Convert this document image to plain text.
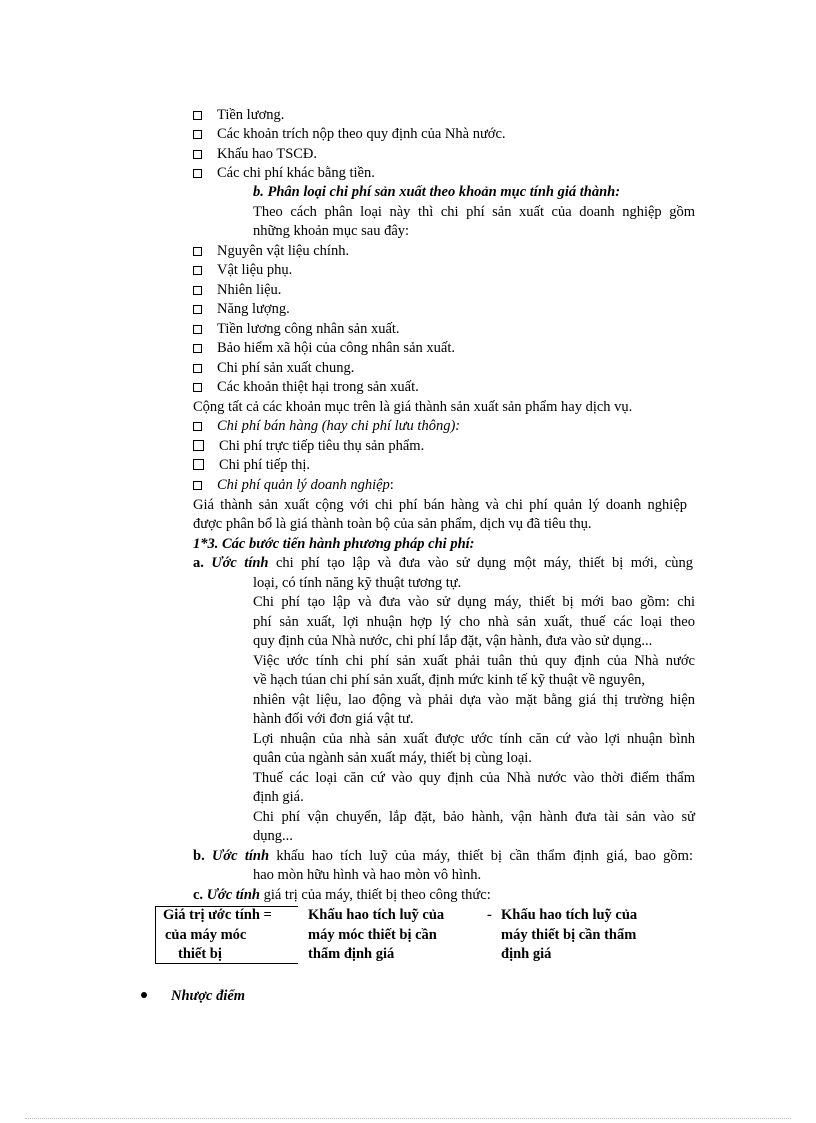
Tiền lương.
Các khoản trích nộp theo quy định của Nhà nước.
Khấu hao TSCĐ.
Các chi phí khác bằng tiền.
b. Phân loại chi phí sản xuất theo khoản mục tính giá thành:
Theo cách phân loại này thì chi phí sản xuất của doanh nghiệp gồm
những khoản mục sau đây:
Nguyên vật liệu chính.
Vật liệu phụ.
Nhiên liệu.
Năng lượng.
Tiền lương công nhân sản xuất.
Bảo hiểm xã hội của công nhân sản xuất.
Chi phí sản xuất chung.
Các khoản thiệt hại trong sản xuất.
Cộng tất cả các khoản mục trên là giá thành sản xuất sản phẩm hay dịch vụ.
Chi phí bán hàng (hay chi phí lưu thông):
Chi phí trực tiếp tiêu thụ sản phẩm.
Chi phí tiếp thị.
Chi phí quản lý doanh nghiệp:
Giá thành sản xuất cộng với chi phí bán hàng và chi phí quản lý doanh nghiệp
được phân bổ là giá thành toàn bộ của sản phẩm, dịch vụ đã tiêu thụ.
1*3. Các bước tiến hành phương pháp chi phí:
a. Ước tính chi phí tạo lập và đưa vào sử dụng một máy, thiết bị mới, cùng
loại, có tính năng kỹ thuật tương tự.
Chi phí tạo lập và đưa vào sử dụng máy, thiết bị mới bao gồm: chi
phí sản xuất, lợi nhuận hợp lý cho nhà sản xuất, thuế các loại theo
quy định của Nhà nước, chi phí lắp đặt, vận hành, đưa vào sử dụng...
Việc ước tính chi phí sản xuất phải tuân thủ quy định của Nhà nước
về hạch túan chi phí sản xuất, định mức kinh tế kỹ thuật về nguyên,
nhiên vật liệu, lao động và phải dựa vào mặt bằng giá thị trường hiện
hành đối với đơn giá vật tư.
Lợi nhuận của nhà sản xuất được ước tính căn cứ vào lợi nhuận bình
quân của ngành sản xuất máy, thiết bị cùng loại.
Thuế các loại căn cứ vào quy định của Nhà nước vào thời điểm thẩm
định giá.
Chi phí vận chuyển, lắp đặt, bảo hành, vận hành đưa tài sản vào sử
dụng...
b. Ước tính khấu hao tích luỹ của máy, thiết bị cần thẩm định giá, bao gồm:
hao mòn hữu hình và hao mòn vô hình.
c. Ước tính giá trị của máy, thiết bị theo công thức:
Giá trị ước tính =
của máy móc
thiết bị
Khấu hao tích luỹ của
máy móc thiết bị cần
thẩm định giá
- Khấu hao tích luỹ của
máy thiết bị cần thẩm
định giá
Nhược điểm
